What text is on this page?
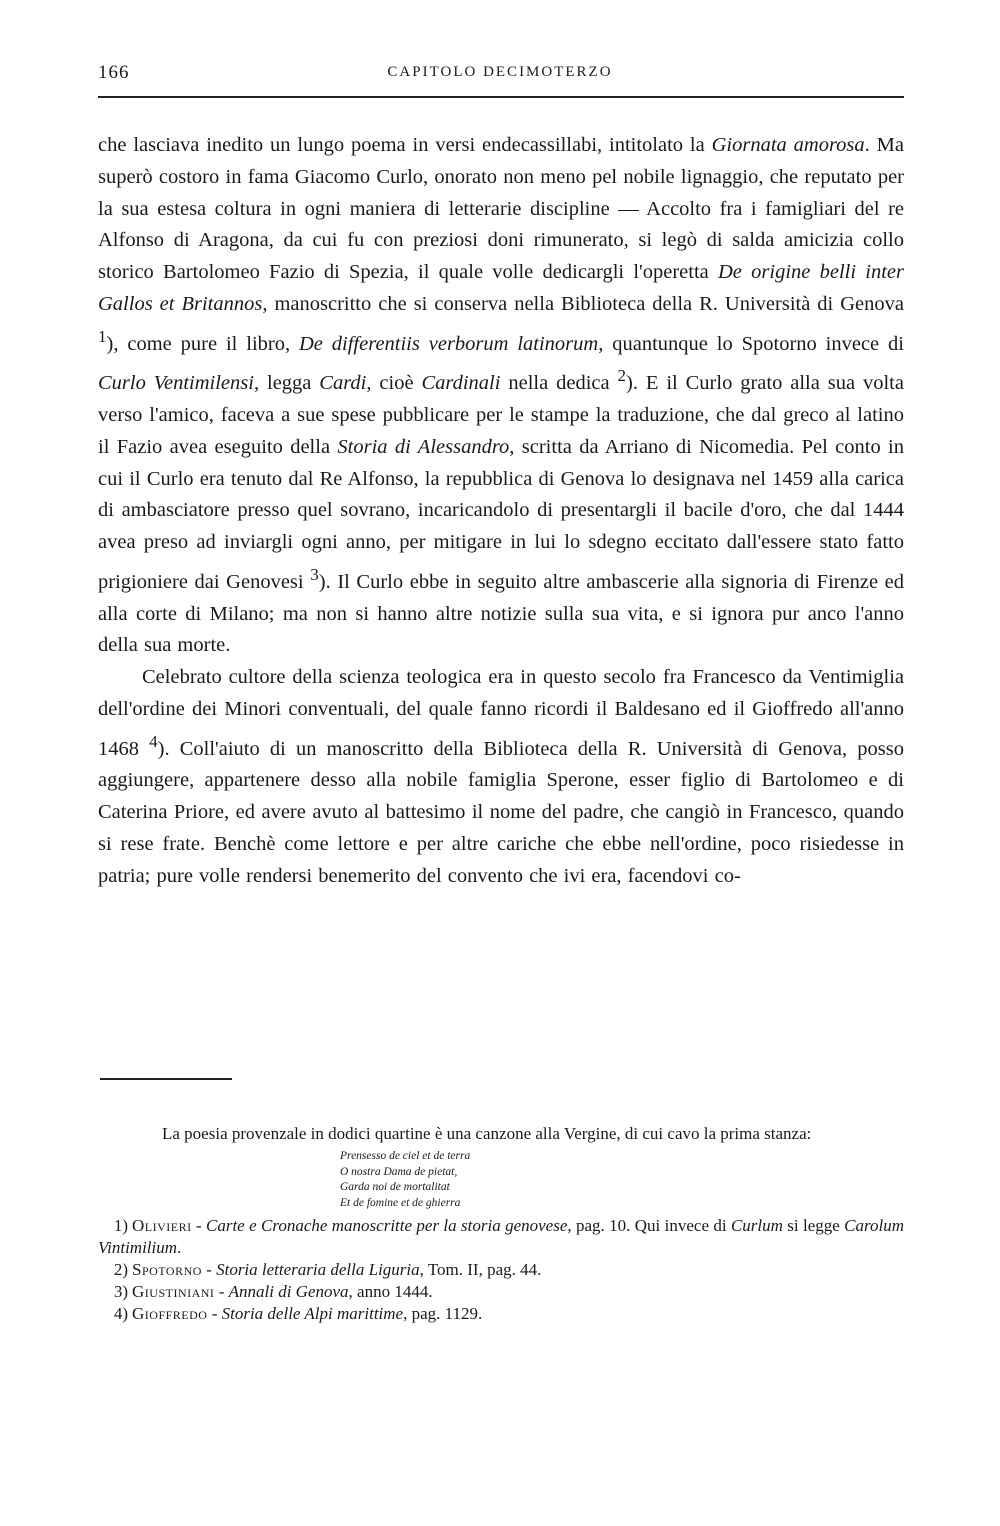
166	CAPITOLO DECIMOTERZO

che lasciava inedito un lungo poema in versi endecassillabi, intitolato la Giornata amorosa. Ma superò costoro in fama Giacomo Curlo, onorato non meno pel nobile lignaggio, che reputato per la sua estesa coltura in ogni maniera di letterarie discipline — Accolto fra i famigliari del re Alfonso di Aragona, da cui fu con preziosi doni rimunerato, si legò di salda amicizia collo storico Bartolomeo Fazio di Spezia, il quale volle dedicargli l'operetta De origine belli inter Gallos et Britannos, manoscritto che si conserva nella Biblioteca della R. Università di Genova $^1$), come pure il libro, De differentiis verborum latinorum, quantunque lo Spotorno invece di Curlo Ventimilensi, legga Cardi, cioè Cardinali nella dedica $^2$). E il Curlo grato alla sua volta verso l'amico, faceva a sue spese pubblicare per le stampe la traduzione, che dal greco al latino il Fazio avea eseguito della Storia di Alessandro, scritta da Arriano di Nicomedia. Pel conto in cui il Curlo era tenuto dal Re Alfonso, la repubblica di Genova lo designava nel 1459 alla carica di ambasciatore presso quel sovrano, incaricandolo di presentargli il bacile d'oro, che dal 1444 avea preso ad inviargli ogni anno, per mitigare in lui lo sdegno eccitato dall'essere stato fatto prigioniere dai Genovesi $^3$). Il Curlo ebbe in seguito altre ambascerie alla signoria di Firenze ed alla corte di Milano; ma non si hanno altre notizie sulla sua vita, e si ignora pur anco l'anno della sua morte.

Celebrato cultore della scienza teologica era in questo secolo fra Francesco da Ventimiglia dell'ordine dei Minori conventuali, del quale fanno ricordi il Baldesano ed il Gioffredo all'anno 1468 $^4$). Coll'aiuto di un manoscritto della Biblioteca della R. Università di Genova, posso aggiungere, appartenere desso alla nobile famiglia Sperone, esser figlio di Bartolomeo e di Caterina Priore, ed avere avuto al battesimo il nome del padre, che cangiò in Francesco, quando si rese frate. Benchè come lettore e per altre cariche che ebbe nell'ordine, poco risiedesse in patria; pure volle rendersi benemerito del convento che ivi era, facendovi co-

La poesia provenzale in dodici quartine è una canzone alla Vergine, di cui cavo la prima stanza:

Prensesso de ciel et de terra
O nostra Dama de pietat,
Garda noi de mortalitat
Et de fomine et de ghierra

1) Olivieri - Carte e Cronache manoscritte per la storia genovese, pag. 10. Qui invece di Curlum si legge Carolum Vintimilium.

2) Spotorno - Storia letteraria della Liguria, Tom. II, pag. 44.

3) Giustiniani - Annali di Genova, anno 1444.

4) Gioffredo - Storia delle Alpi marittime, pag. 1129.
